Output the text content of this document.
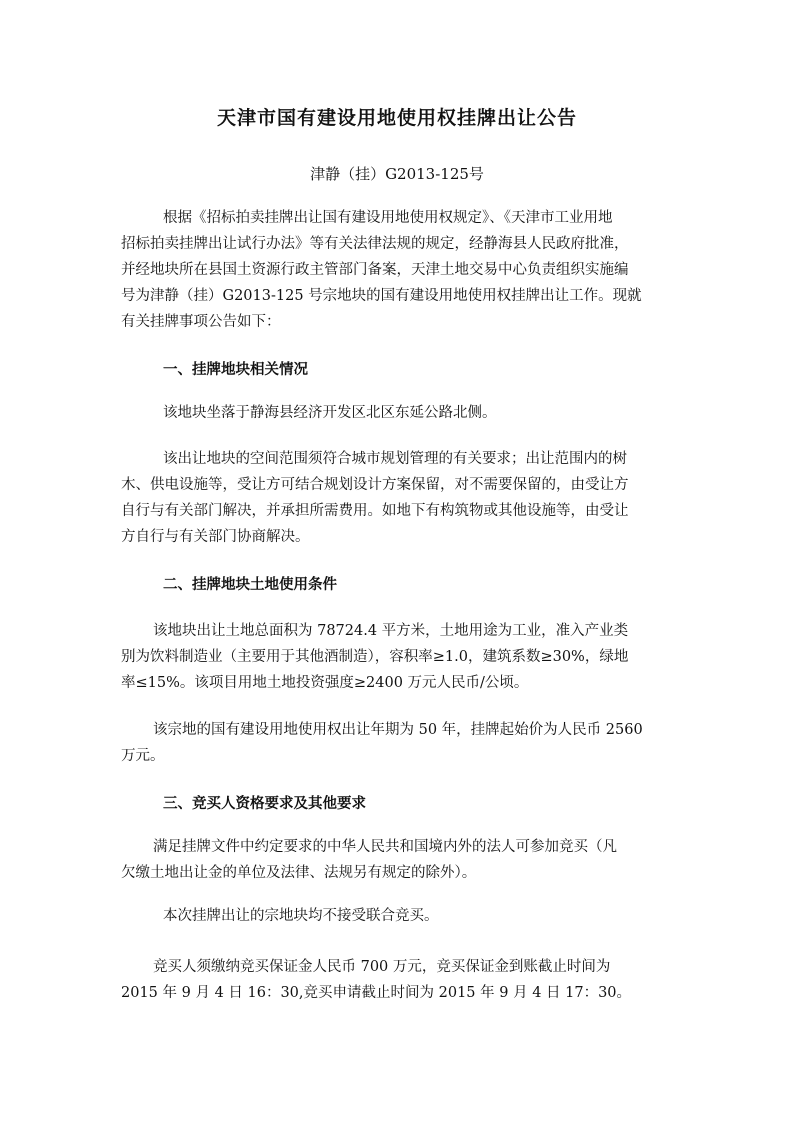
天津市国有建设用地使用权挂牌出让公告

津静（挂）G2013-125号

根据《招标拍卖挂牌出让国有建设用地使用权规定》、《天津市工业用地
招标拍卖挂牌出让试行办法》等有关法律法规的规定，经静海县人民政府批准，
并经地块所在县国土资源行政主管部门备案，天津土地交易中心负责组织实施编
号为津静（挂）G2013-125 号宗地块的国有建设用地使用权挂牌出让工作。现就
有关挂牌事项公告如下：

一、挂牌地块相关情况

该地块坐落于静海县经济开发区北区东延公路北侧。

该出让地块的空间范围须符合城市规划管理的有关要求；出让范围内的树
木、供电设施等，受让方可结合规划设计方案保留，对不需要保留的，由受让方
自行与有关部门解决，并承担所需费用。如地下有构筑物或其他设施等，由受让
方自行与有关部门协商解决。

二、挂牌地块土地使用条件

该地块出让土地总面积为 78724.4 平方米，土地用途为工业，准入产业类
别为饮料制造业（主要用于其他酒制造），容积率≥1.0，建筑系数≥30%，绿地
率≤15%。该项目用地土地投资强度≥2400 万元人民币/公顷。

该宗地的国有建设用地使用权出让年期为 50 年，挂牌起始价为人民币 2560
万元。

三、竞买人资格要求及其他要求

满足挂牌文件中约定要求的中华人民共和国境内外的法人可参加竞买（凡
欠缴土地出让金的单位及法律、法规另有规定的除外）。

本次挂牌出让的宗地块均不接受联合竞买。

竞买人须缴纳竞买保证金人民币 700 万元，竞买保证金到账截止时间为
2015 年 9 月 4 日 16：30,竞买申请截止时间为 2015 年 9 月 4 日 17：30。
